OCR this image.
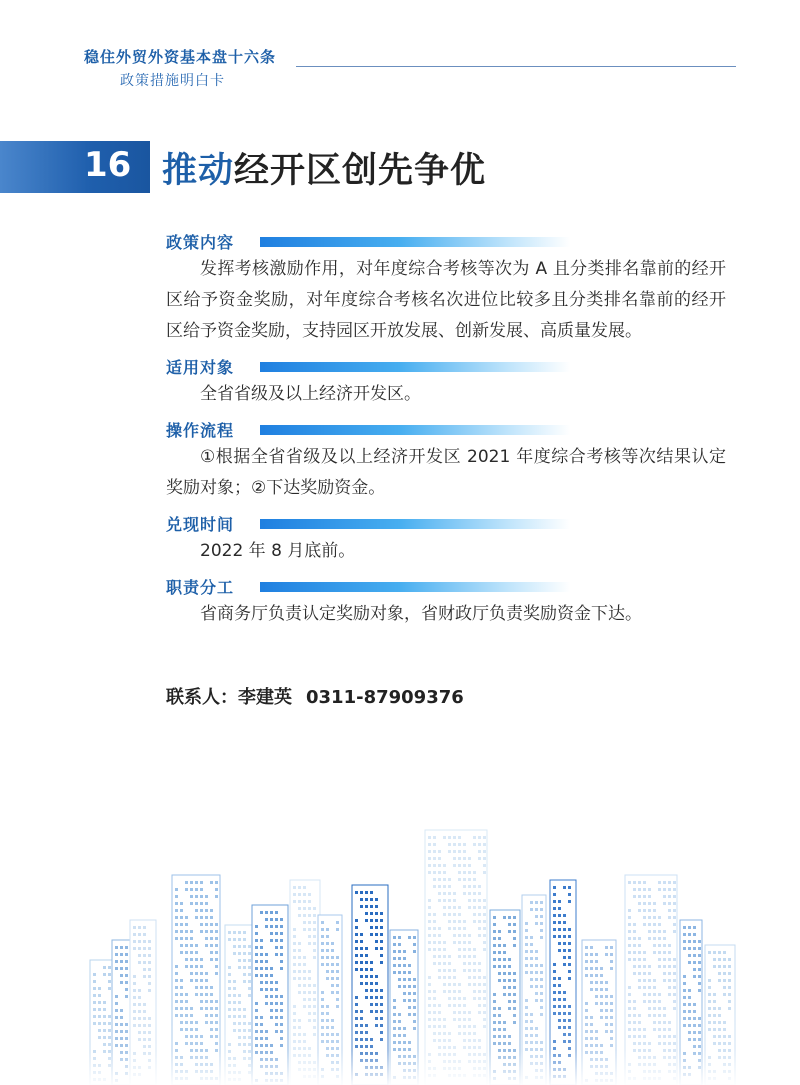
稳住外贸外资基本盘十六条
政策措施明白卡
16 推动经开区创先争优
政策内容

发挥考核激励作用，对年度综合考核等次为 A 且分类排名靠前的经开区给予资金奖励，对年度综合考核名次进位比较多且分类排名靠前的经开区给予资金奖励，支持园区开放发展、创新发展、高质量发展。

适用对象

全省省级及以上经济开发区。

操作流程

①根据全省省级及以上经济开发区 2021 年度综合考核等次结果认定奖励对象；②下达奖励资金。

兑现时间

2022 年 8 月底前。

职责分工

省商务厅负责认定奖励对象，省财政厅负责奖励资金下达。

联系人：李建英 0311-87909376
